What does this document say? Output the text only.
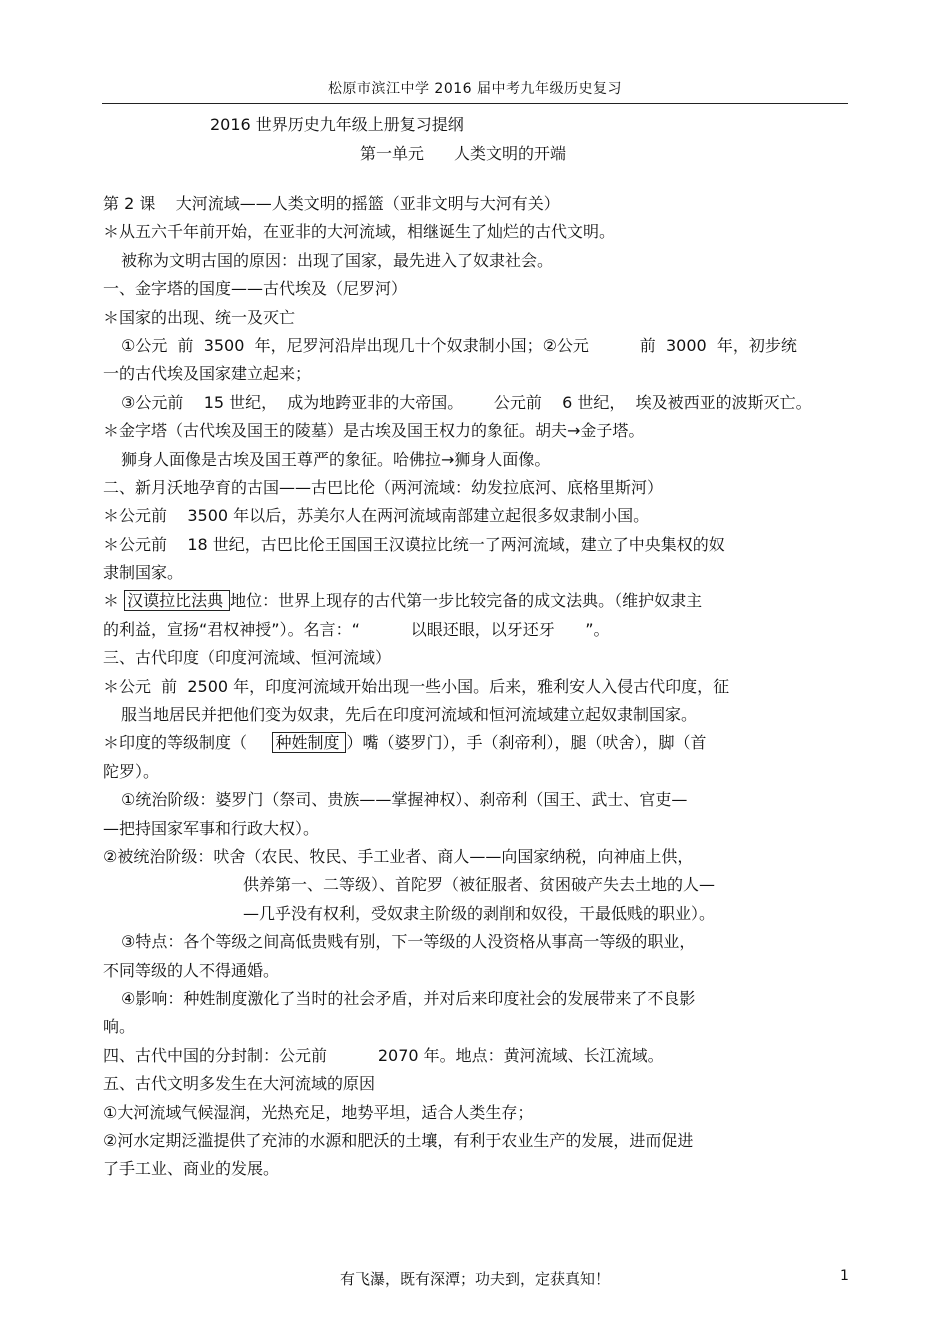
松原市滨江中学 2016 届中考九年级历史复习
2016 世界历史九年级上册复习提纲
第一单元 人类文明的开端
第 2 课    大河流域——人类文明的摇篮（亚非文明与大河有关）
＊从五六千年前开始，在亚非的大河流域，相继诞生了灿烂的古代文明。
被称为文明古国的原因：出现了国家，最先进入了奴隶社会。
一、金字塔的国度——古代埃及（尼罗河）
＊国家的出现、统一及灭亡
①公元  前  3500  年，尼罗河沿岸出现几十个奴隶制小国；②公元          前  3000  年，初步统
一的古代埃及国家建立起来；
③公元前    15 世纪，  成为地跨亚非的大帝国。      公元前    6 世纪，  埃及被西亚的波斯灭亡。
＊金字塔（古代埃及国王的陵墓）是古埃及国王权力的象征。胡夫→金子塔。
狮身人面像是古埃及国王尊严的象征。哈佛拉→狮身人面像。
二、新月沃地孕育的古国——古巴比伦（两河流域：幼发拉底河、底格里斯河）
＊公元前    3500 年以后，苏美尔人在两河流域南部建立起很多奴隶制小国。
＊公元前    18 世纪，古巴比伦王国国王汉谟拉比统一了两河流域，建立了中央集权的奴
隶制国家。
＊ 汉谟拉比法典 地位：世界上现存的古代第一步比较完备的成文法典。（维护奴隶主
的利益，宣扬“君权神授”）。名言：“          以眼还眼，以牙还牙      ”。
三、古代印度（印度河流域、恒河流域）
＊公元  前  2500 年，印度河流域开始出现一些小国。后来，雅利安人入侵古代印度，征
服当地居民并把他们变为奴隶，先后在印度河流域和恒河流域建立起奴隶制国家。
＊印度的等级制度（     种姓制度 ）嘴（婆罗门），手（刹帝利），腿（吠舍），脚（首
陀罗）。
①统治阶级：婆罗门（祭司、贵族——掌握神权）、刹帝利（国王、武士、官吏—
—把持国家军事和行政大权）。
②被统治阶级：吠舍（农民、牧民、手工业者、商人——向国家纳税，向神庙上供，
供养第一、二等级）、首陀罗（被征服者、贫困破产失去土地的人—
—几乎没有权利，受奴隶主阶级的剥削和奴役，干最低贱的职业）。
③特点：各个等级之间高低贵贱有别，下一等级的人没资格从事高一等级的职业，
不同等级的人不得通婚。
④影响：种姓制度激化了当时的社会矛盾，并对后来印度社会的发展带来了不良影
响。
四、古代中国的分封制：公元前          2070 年。地点：黄河流域、长江流域。
五、古代文明多发生在大河流域的原因
①大河流域气候湿润，光热充足，地势平坦，适合人类生存；
②河水定期泛滥提供了充沛的水源和肥沃的土壤，有利于农业生产的发展，进而促进
了手工业、商业的发展。
有飞瀑，既有深潭；功夫到，定获真知！	1
